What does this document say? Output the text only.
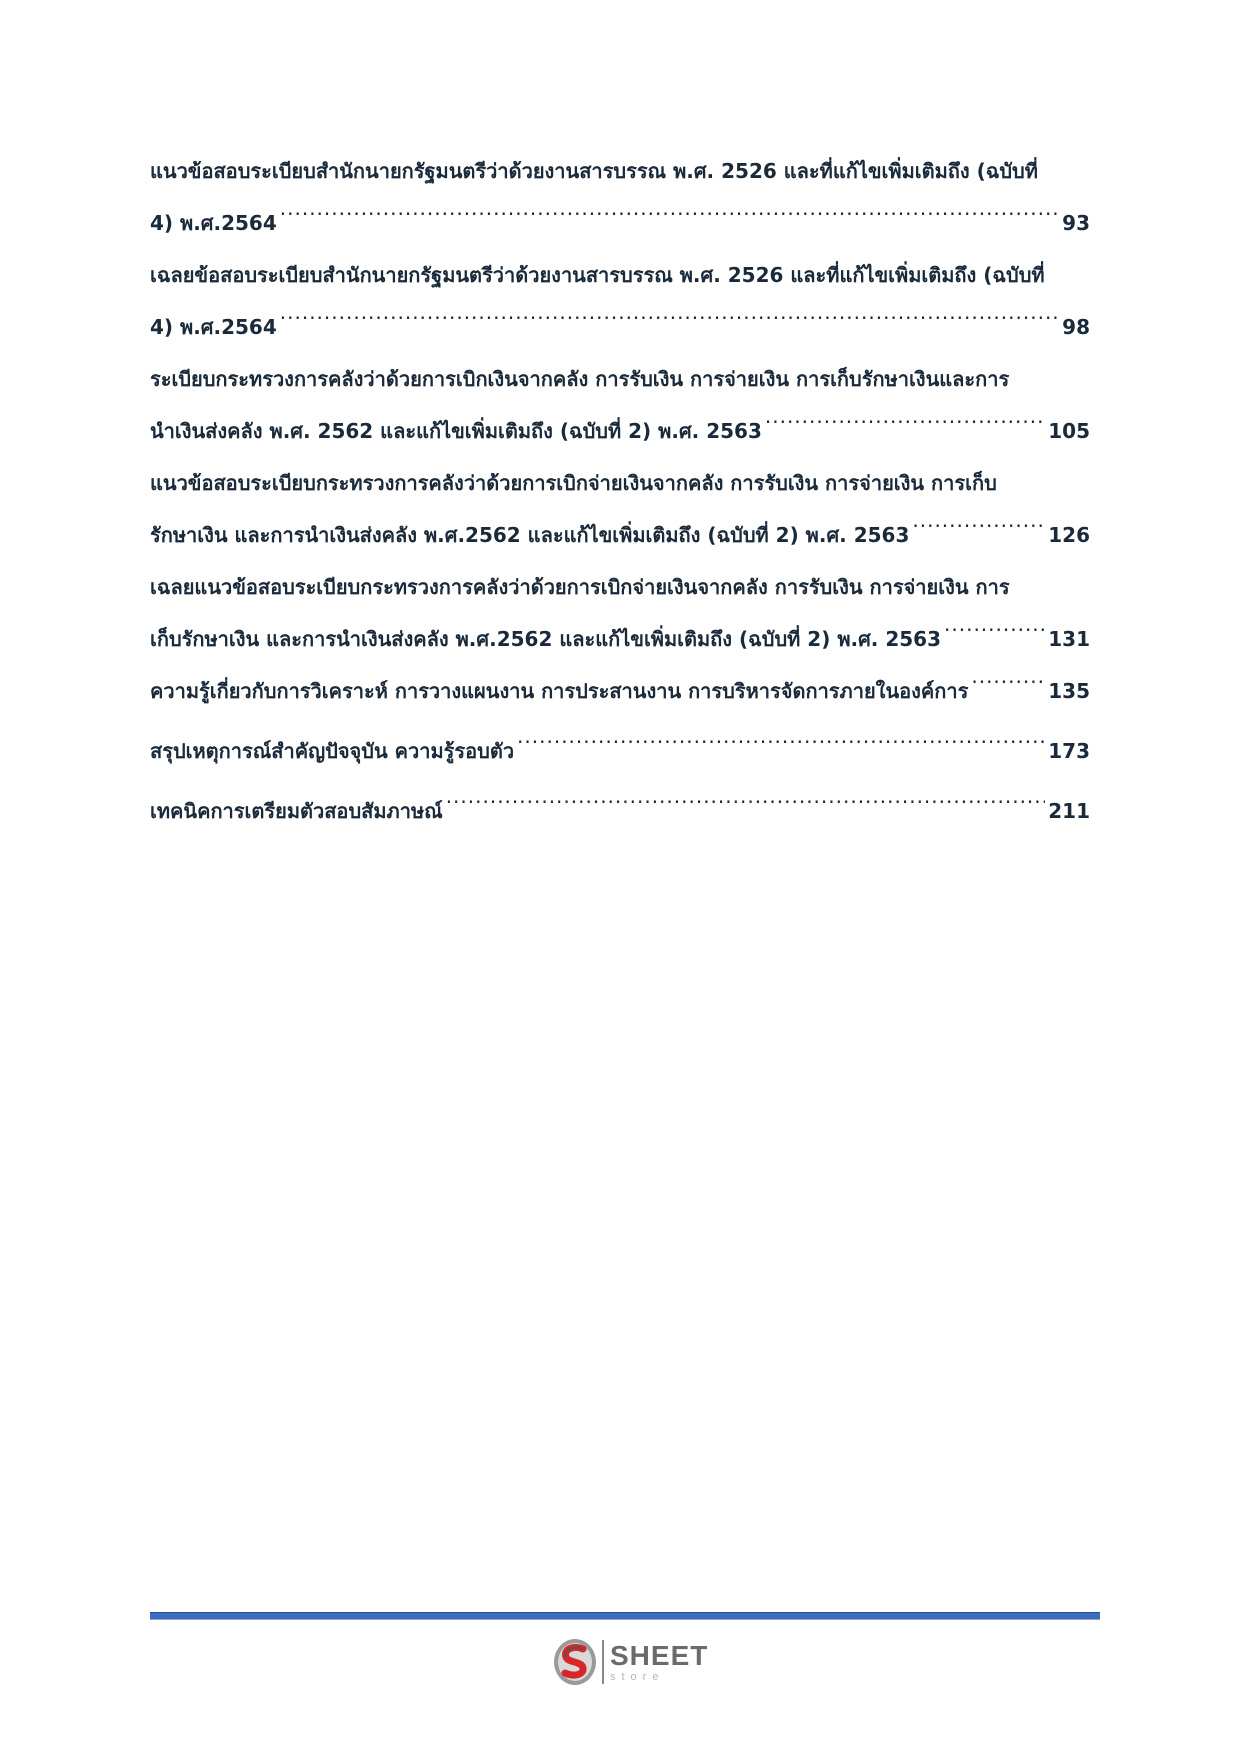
แนวข้อสอบระเบียบสำนักนายกรัฐมนตรีว่าด้วยงานสารบรรณ พ.ศ. 2526 และที่แก้ไขเพิ่มเติมถึง (ฉบับที่
4) พ.ศ.2564 .....	93
เฉลยข้อสอบระเบียบสำนักนายกรัฐมนตรีว่าด้วยงานสารบรรณ พ.ศ. 2526 และที่แก้ไขเพิ่มเติมถึง (ฉบับที่
4) พ.ศ.2564 .....	98
ระเบียบกระทรวงการคลังว่าด้วยการเบิกเงินจากคลัง การรับเงิน การจ่ายเงิน การเก็บรักษาเงินและการ
นำเงินส่งคลัง พ.ศ. 2562 และแก้ไขเพิ่มเติมถึง (ฉบับที่ 2) พ.ศ. 2563 .....	105
แนวข้อสอบระเบียบกระทรวงการคลังว่าด้วยการเบิกจ่ายเงินจากคลัง การรับเงิน การจ่ายเงิน การเก็บ
รักษาเงิน และการนำเงินส่งคลัง พ.ศ.2562 และแก้ไขเพิ่มเติมถึง (ฉบับที่ 2) พ.ศ. 2563 .....	126
เฉลยแนวข้อสอบระเบียบกระทรวงการคลังว่าด้วยการเบิกจ่ายเงินจากคลัง การรับเงิน การจ่ายเงิน การ
เก็บรักษาเงิน และการนำเงินส่งคลัง พ.ศ.2562 และแก้ไขเพิ่มเติมถึง (ฉบับที่ 2) พ.ศ. 2563 .....	131
ความรู้เกี่ยวกับการวิเคราะห์ การวางแผนงาน การประสานงาน การบริหารจัดการภายในองค์การ .....	135
สรุปเหตุการณ์สำคัญปัจจุบัน ความรู้รอบตัว .....	173
เทคนิคการเตรียมตัวสอบสัมภาษณ์ .....	211
SHEET
store
